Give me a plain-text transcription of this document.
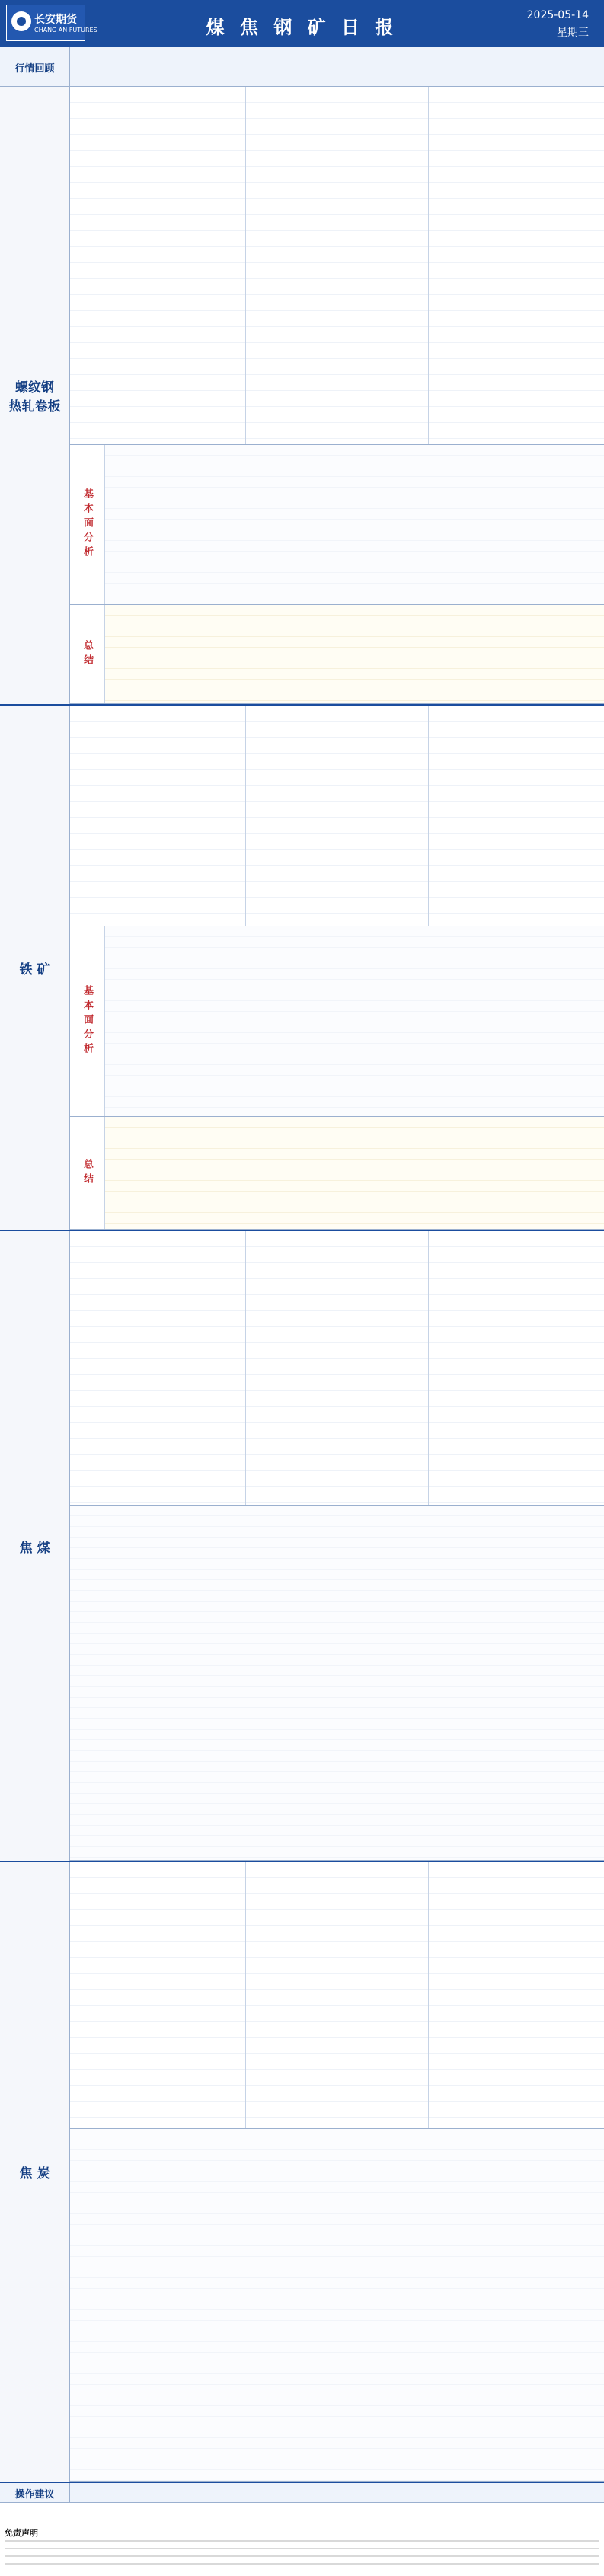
长安期货
CHANG AN FUTURES	煤 焦 钢 矿 日 报
2025-05-14
星期三
行情回顾
螺纹钢
热轧卷板
基本面分析
总结
铁 矿
基本面分析
总结
焦 煤
焦 炭
操作建议
免责声明
